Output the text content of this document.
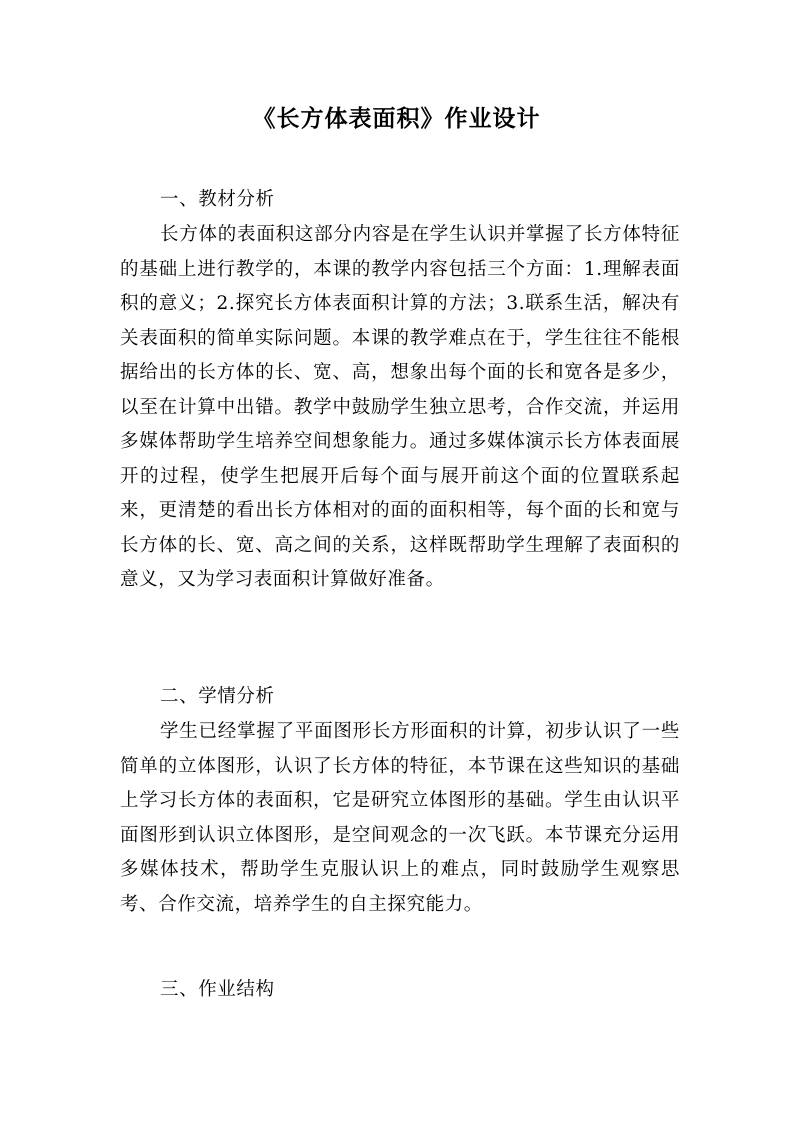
《长方体表面积》作业设计

一、教材分析

长方体的表面积这部分内容是在学生认识并掌握了长方体特征的基础上进行教学的，本课的教学内容包括三个方面：1.理解表面积的意义；2.探究长方体表面积计算的方法；3.联系生活，解决有关表面积的简单实际问题。本课的教学难点在于，学生往往不能根据给出的长方体的长、宽、高，想象出每个面的长和宽各是多少，以至在计算中出错。教学中鼓励学生独立思考，合作交流，并运用多媒体帮助学生培养空间想象能力。通过多媒体演示长方体表面展开的过程，使学生把展开后每个面与展开前这个面的位置联系起来，更清楚的看出长方体相对的面的面积相等，每个面的长和宽与长方体的长、宽、高之间的关系，这样既帮助学生理解了表面积的意义，又为学习表面积计算做好准备。

二、学情分析

学生已经掌握了平面图形长方形面积的计算，初步认识了一些简单的立体图形，认识了长方体的特征，本节课在这些知识的基础上学习长方体的表面积，它是研究立体图形的基础。学生由认识平面图形到认识立体图形，是空间观念的一次飞跃。本节课充分运用多媒体技术，帮助学生克服认识上的难点，同时鼓励学生观察思考、合作交流，培养学生的自主探究能力。

三、作业结构
